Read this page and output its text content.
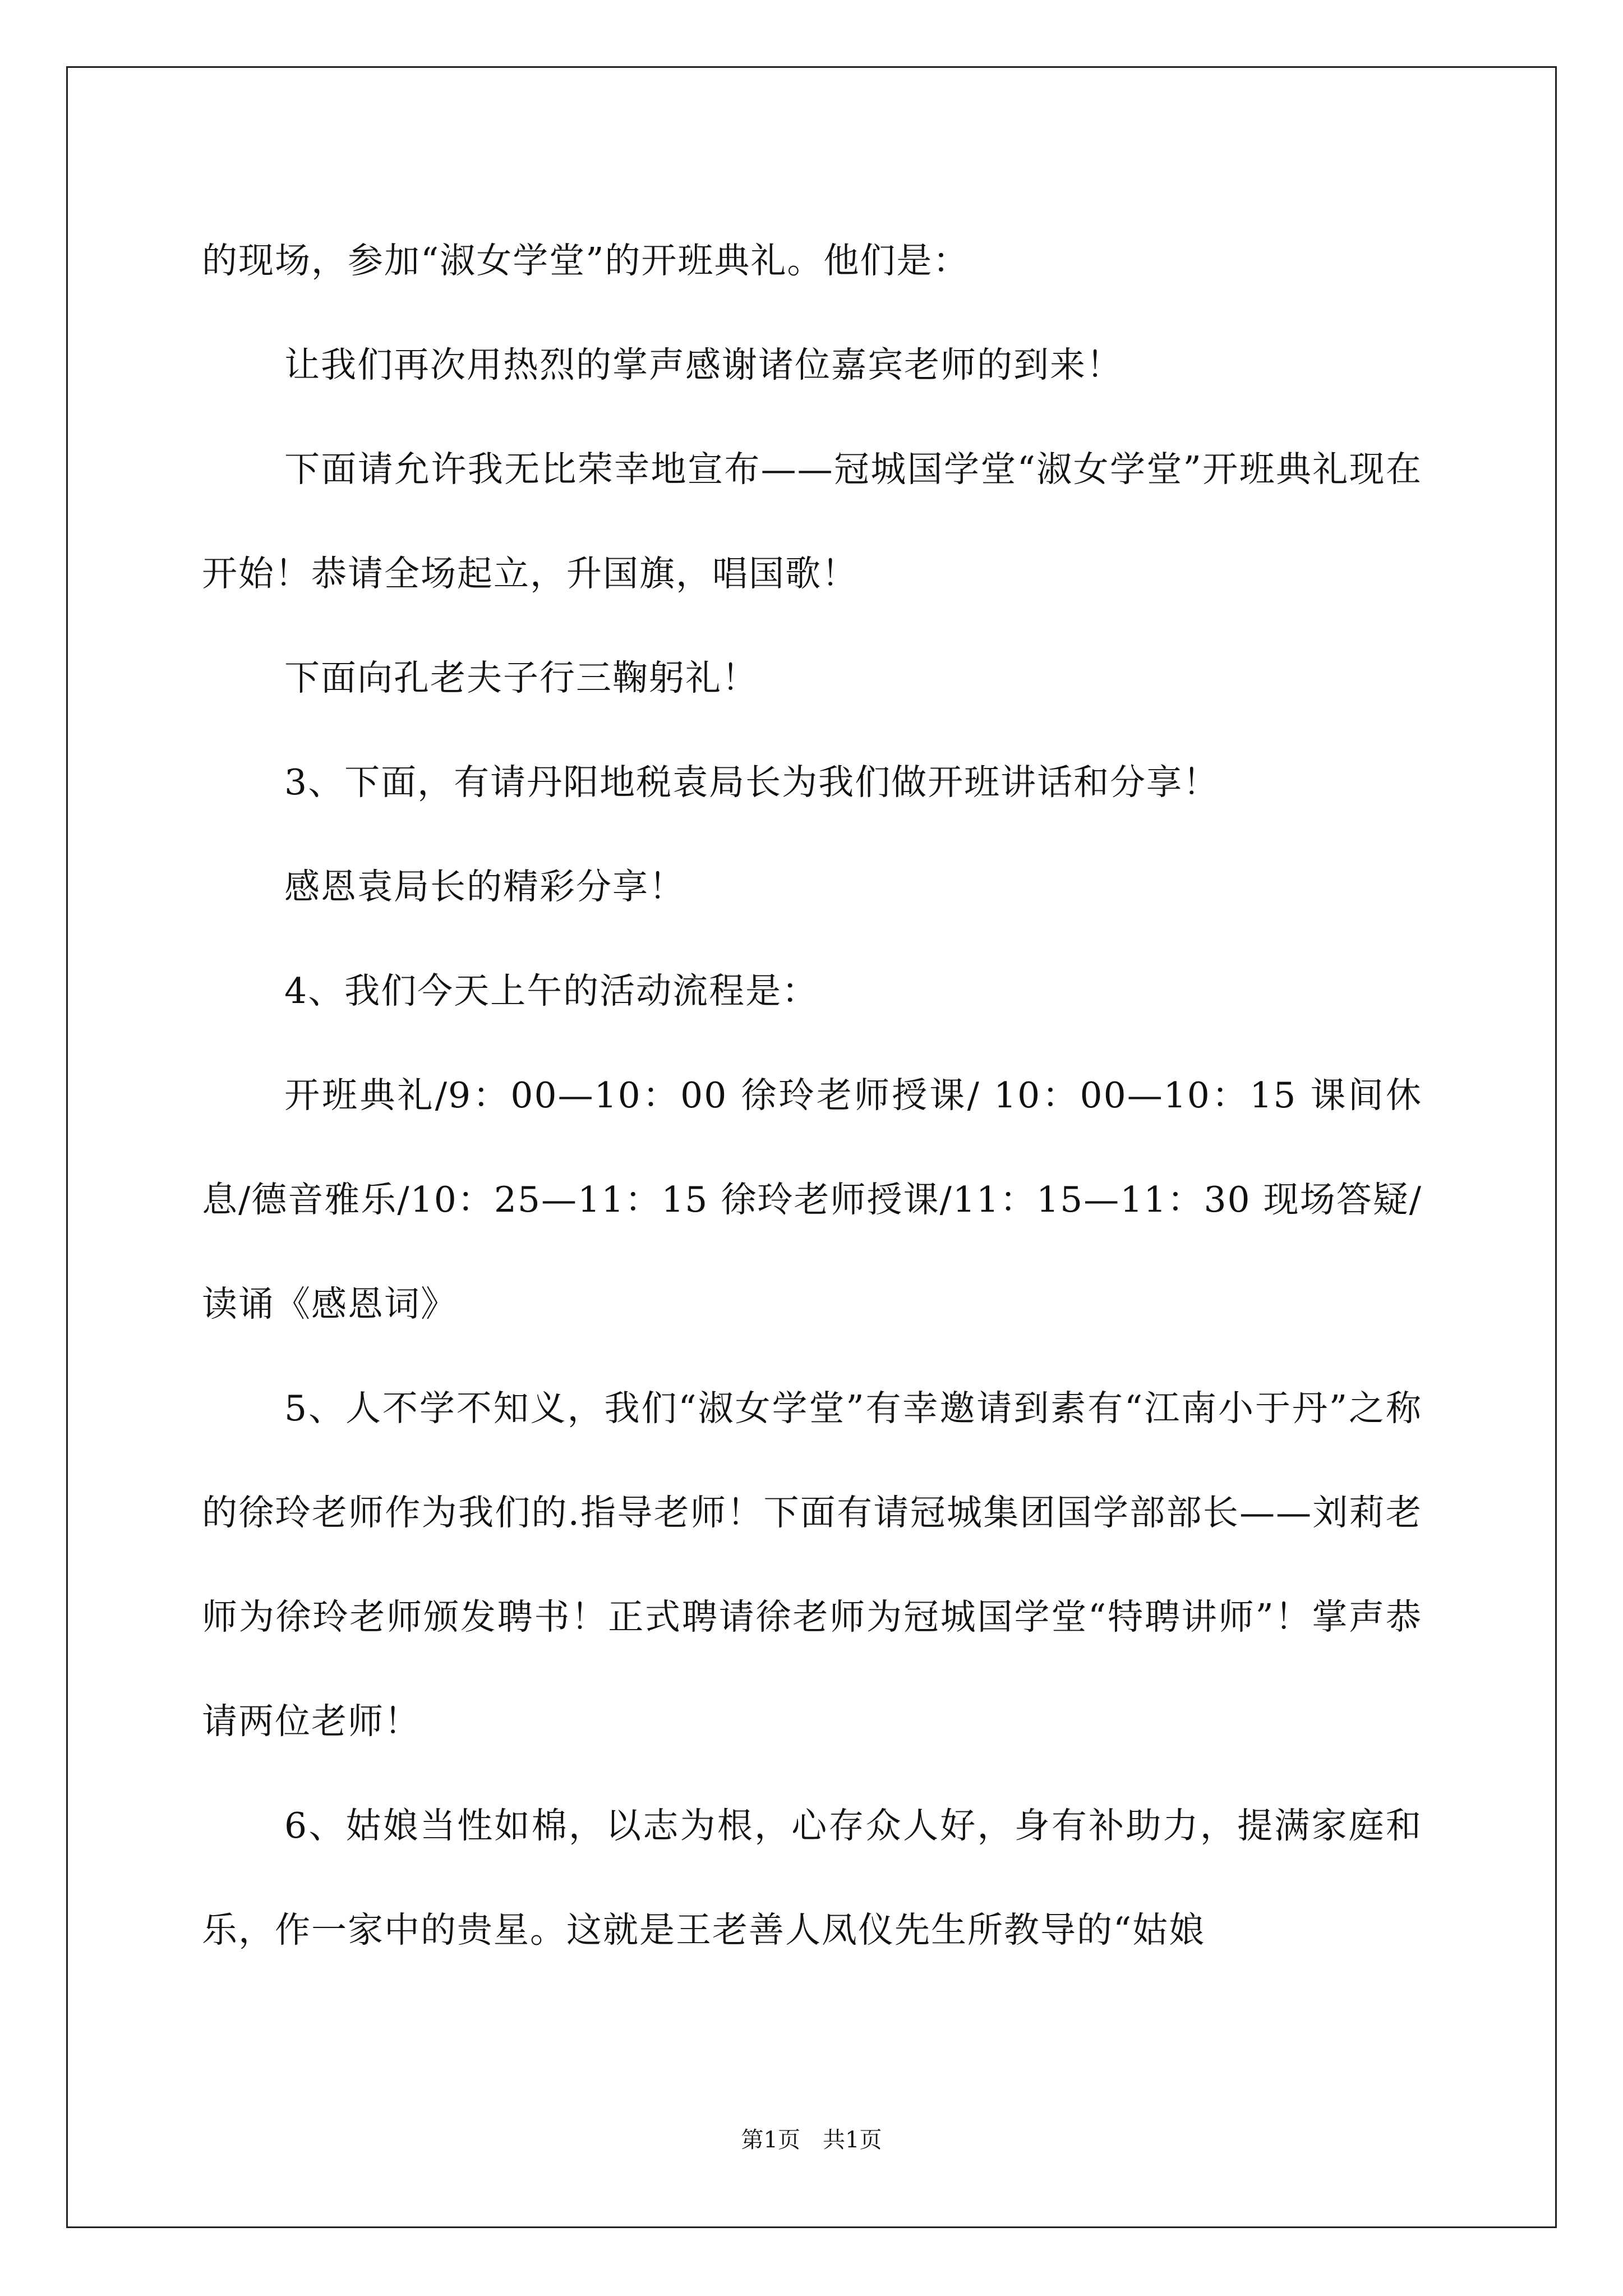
的现场，参加“淑女学堂”的开班典礼。他们是：

让我们再次用热烈的掌声感谢诸位嘉宾老师的到来！

下面请允许我无比荣幸地宣布——冠城国学堂“淑女学堂”开班典礼现在开始！恭请全场起立，升国旗，唱国歌！

下面向孔老夫子行三鞠躬礼！

3、下面，有请丹阳地税袁局长为我们做开班讲话和分享！

感恩袁局长的精彩分享！

4、我们今天上午的活动流程是：

开班典礼/9：00—10：00 徐玲老师授课/ 10：00—10：15 课间休息/德音雅乐/10：25—11：15 徐玲老师授课/11：15—11：30 现场答疑/读诵《感恩词》

5、人不学不知义，我们“淑女学堂”有幸邀请到素有“江南小于丹”之称的徐玲老师作为我们的.指导老师！下面有请冠城集团国学部部长——刘莉老师为徐玲老师颁发聘书！正式聘请徐老师为冠城国学堂“特聘讲师”！掌声恭请两位老师！

6、姑娘当性如棉，以志为根，心存众人好，身有补助力，提满家庭和乐，作一家中的贵星。这就是王老善人凤仪先生所教导的“姑娘

第1页 共1页
